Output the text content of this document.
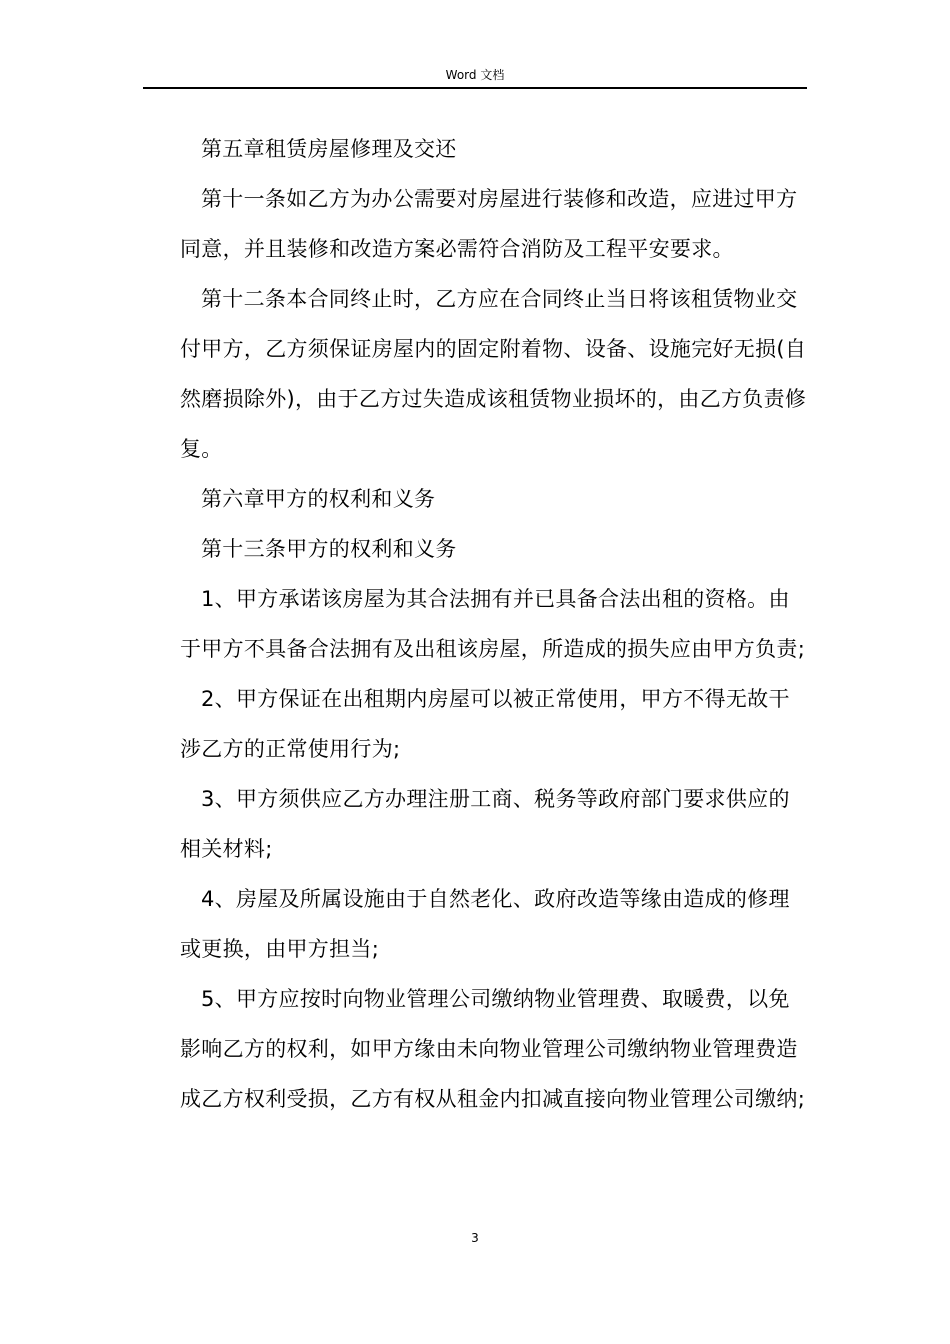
Word 文档

第五章租赁房屋修理及交还

第十一条如乙方为办公需要对房屋进行装修和改造，应进过甲方同意，并且装修和改造方案必需符合消防及工程平安要求。

第十二条本合同终止时，乙方应在合同终止当日将该租赁物业交付甲方，乙方须保证房屋内的固定附着物、设备、设施完好无损(自然磨损除外)，由于乙方过失造成该租赁物业损坏的，由乙方负责修复。

第六章甲方的权利和义务

第十三条甲方的权利和义务

1、甲方承诺该房屋为其合法拥有并已具备合法出租的资格。由于甲方不具备合法拥有及出租该房屋，所造成的损失应由甲方负责;

2、甲方保证在出租期内房屋可以被正常使用，甲方不得无故干涉乙方的正常使用行为;

3、甲方须供应乙方办理注册工商、税务等政府部门要求供应的相关材料;

4、房屋及所属设施由于自然老化、政府改造等缘由造成的修理或更换，由甲方担当;

5、甲方应按时向物业管理公司缴纳物业管理费、取暖费，以免影响乙方的权利，如甲方缘由未向物业管理公司缴纳物业管理费造成乙方权利受损，乙方有权从租金内扣减直接向物业管理公司缴纳;

3
